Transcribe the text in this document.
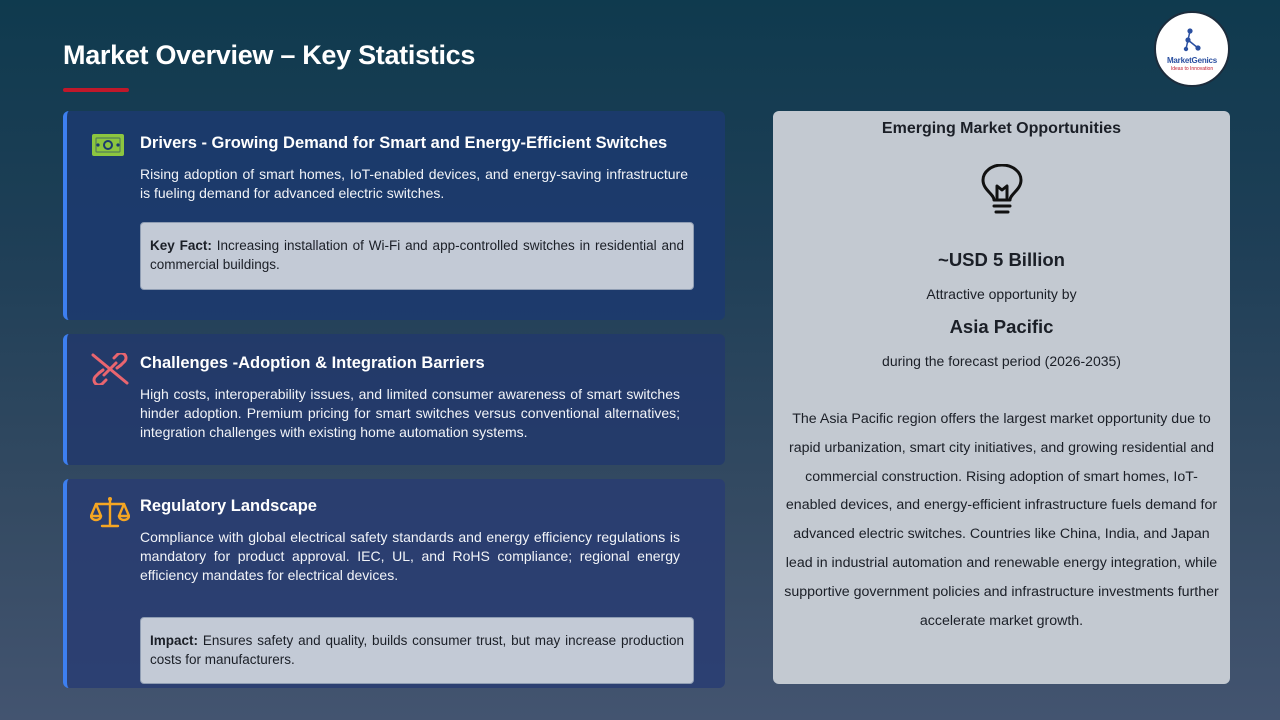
Market Overview – Key Statistics	MarketGenics
Ideas to Innovation
Drivers - Growing Demand for Smart and Energy-Efficient Switches
Rising adoption of smart homes, IoT-enabled devices, and energy-saving infrastructure is fueling demand for advanced electric switches.
Key Fact: Increasing installation of Wi-Fi and app-controlled switches in residential and commercial buildings.
Challenges -Adoption & Integration Barriers
High costs, interoperability issues, and limited consumer awareness of smart switches hinder adoption. Premium pricing for smart switches versus conventional alternatives; integration challenges with existing home automation systems.
Regulatory Landscape
Compliance with global electrical safety standards and energy efficiency regulations is mandatory for product approval. IEC, UL, and RoHS compliance; regional energy efficiency mandates for electrical devices.
Impact: Ensures safety and quality, builds consumer trust, but may increase production costs for manufacturers.
Emerging Market Opportunities
~USD 5 Billion
Attractive opportunity by
Asia Pacific
during the forecast period (2026-2035)
The Asia Pacific region offers the largest market opportunity due to rapid urbanization, smart city initiatives, and growing residential and commercial construction. Rising adoption of smart homes, IoT-enabled devices, and energy-efficient infrastructure fuels demand for advanced electric switches. Countries like China, India, and Japan lead in industrial automation and renewable energy integration, while supportive government policies and infrastructure investments further accelerate market growth.
